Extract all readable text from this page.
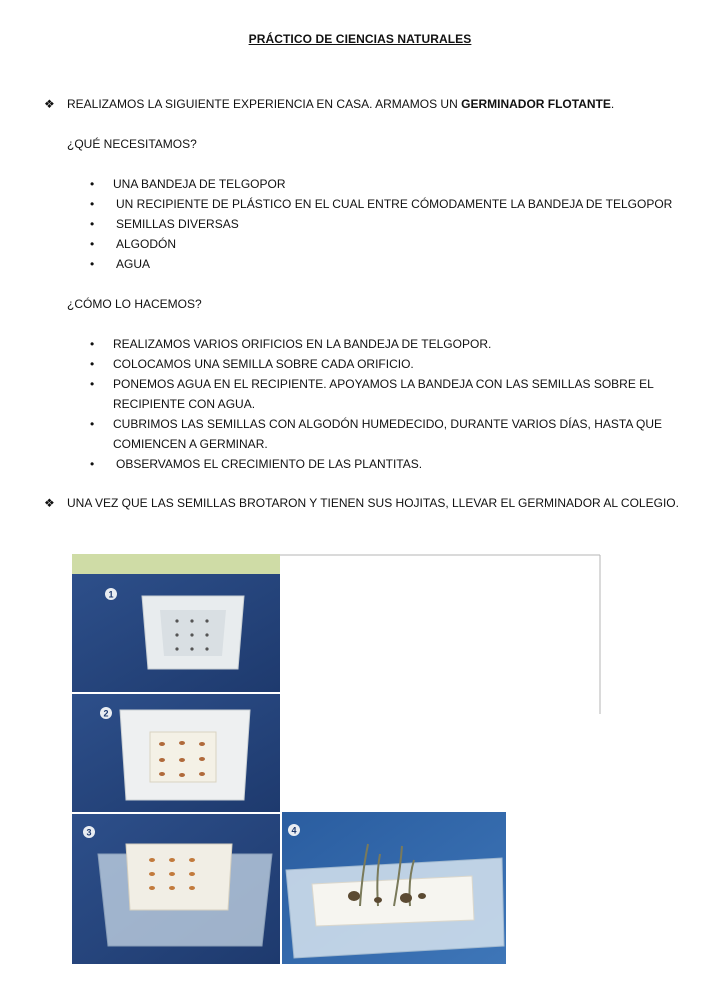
PRÁCTICO DE CIENCIAS NATURALES
❖ REALIZAMOS LA SIGUIENTE EXPERIENCIA EN CASA. ARMAMOS UN GERMINADOR FLOTANTE.
¿QUÉ NECESITAMOS?
• UNA BANDEJA DE TELGOPOR
• UN RECIPIENTE DE PLÁSTICO EN EL CUAL ENTRE CÓMODAMENTE LA BANDEJA DE TELGOPOR
• SEMILLAS DIVERSAS
• ALGODÓN
• AGUA
¿CÓMO LO HACEMOS?
• REALIZAMOS VARIOS ORIFICIOS EN LA BANDEJA DE TELGOPOR.
• COLOCAMOS UNA SEMILLA SOBRE CADA ORIFICIO.
• PONEMOS AGUA EN EL RECIPIENTE. APOYAMOS LA BANDEJA CON LAS SEMILLAS SOBRE EL
RECIPIENTE CON AGUA.
• CUBRIMOS LAS SEMILLAS CON ALGODÓN HUMEDECIDO, DURANTE VARIOS DÍAS, HASTA QUE
COMIENCEN A GERMINAR.
• OBSERVAMOS EL CRECIMIENTO DE LAS PLANTITAS.
❖ UNA VEZ QUE LAS SEMILLAS BROTARON Y TIENEN SUS HOJITAS, LLEVAR EL GERMINADOR AL COLEGIO.
1
2
3	4
